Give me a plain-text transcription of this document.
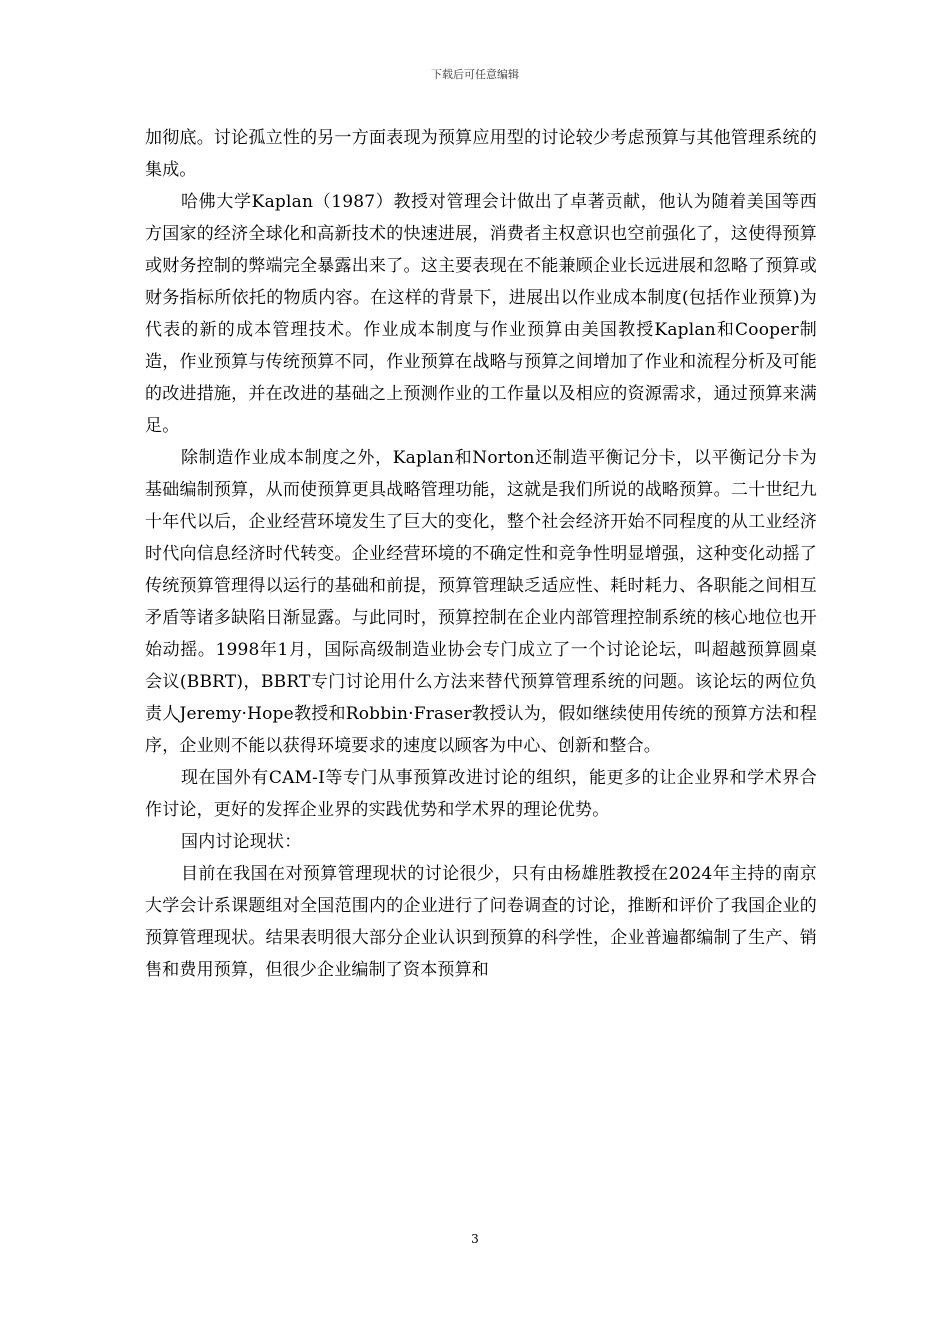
下载后可任意编辑

加彻底。讨论孤立性的另一方面表现为预算应用型的讨论较少考虑预算与其他管理系统的集成。

哈佛大学Kaplan（1987）教授对管理会计做出了卓著贡献，他认为随着美国等西方国家的经济全球化和高新技术的快速进展，消费者主权意识也空前强化了，这使得预算或财务控制的弊端完全暴露出来了。这主要表现在不能兼顾企业长远进展和忽略了预算或财务指标所依托的物质内容。在这样的背景下，进展出以作业成本制度(包括作业预算)为代表的新的成本管理技术。作业成本制度与作业预算由美国教授Kaplan和Cooper制造，作业预算与传统预算不同，作业预算在战略与预算之间增加了作业和流程分析及可能的改进措施，并在改进的基础之上预测作业的工作量以及相应的资源需求，通过预算来满足。

除制造作业成本制度之外，Kaplan和Norton还制造平衡记分卡，以平衡记分卡为基础编制预算，从而使预算更具战略管理功能，这就是我们所说的战略预算。二十世纪九十年代以后，企业经营环境发生了巨大的变化，整个社会经济开始不同程度的从工业经济时代向信息经济时代转变。企业经营环境的不确定性和竞争性明显增强，这种变化动摇了传统预算管理得以运行的基础和前提，预算管理缺乏适应性、耗时耗力、各职能之间相互矛盾等诸多缺陷日渐显露。与此同时，预算控制在企业内部管理控制系统的核心地位也开始动摇。1998年1月，国际高级制造业协会专门成立了一个讨论论坛，叫超越预算圆桌会议(BBRT)，BBRT专门讨论用什么方法来替代预算管理系统的问题。该论坛的两位负责人Jeremy·Hope教授和Robbin·Fraser教授认为，假如继续使用传统的预算方法和程序，企业则不能以获得环境要求的速度以顾客为中心、创新和整合。

现在国外有CAM-I等专门从事预算改进讨论的组织，能更多的让企业界和学术界合作讨论，更好的发挥企业界的实践优势和学术界的理论优势。

国内讨论现状：

目前在我国在对预算管理现状的讨论很少，只有由杨雄胜教授在2024年主持的南京大学会计系课题组对全国范围内的企业进行了问卷调查的讨论，推断和评价了我国企业的预算管理现状。结果表明很大部分企业认识到预算的科学性，企业普遍都编制了生产、销售和费用预算，但很少企业编制了资本预算和

3
